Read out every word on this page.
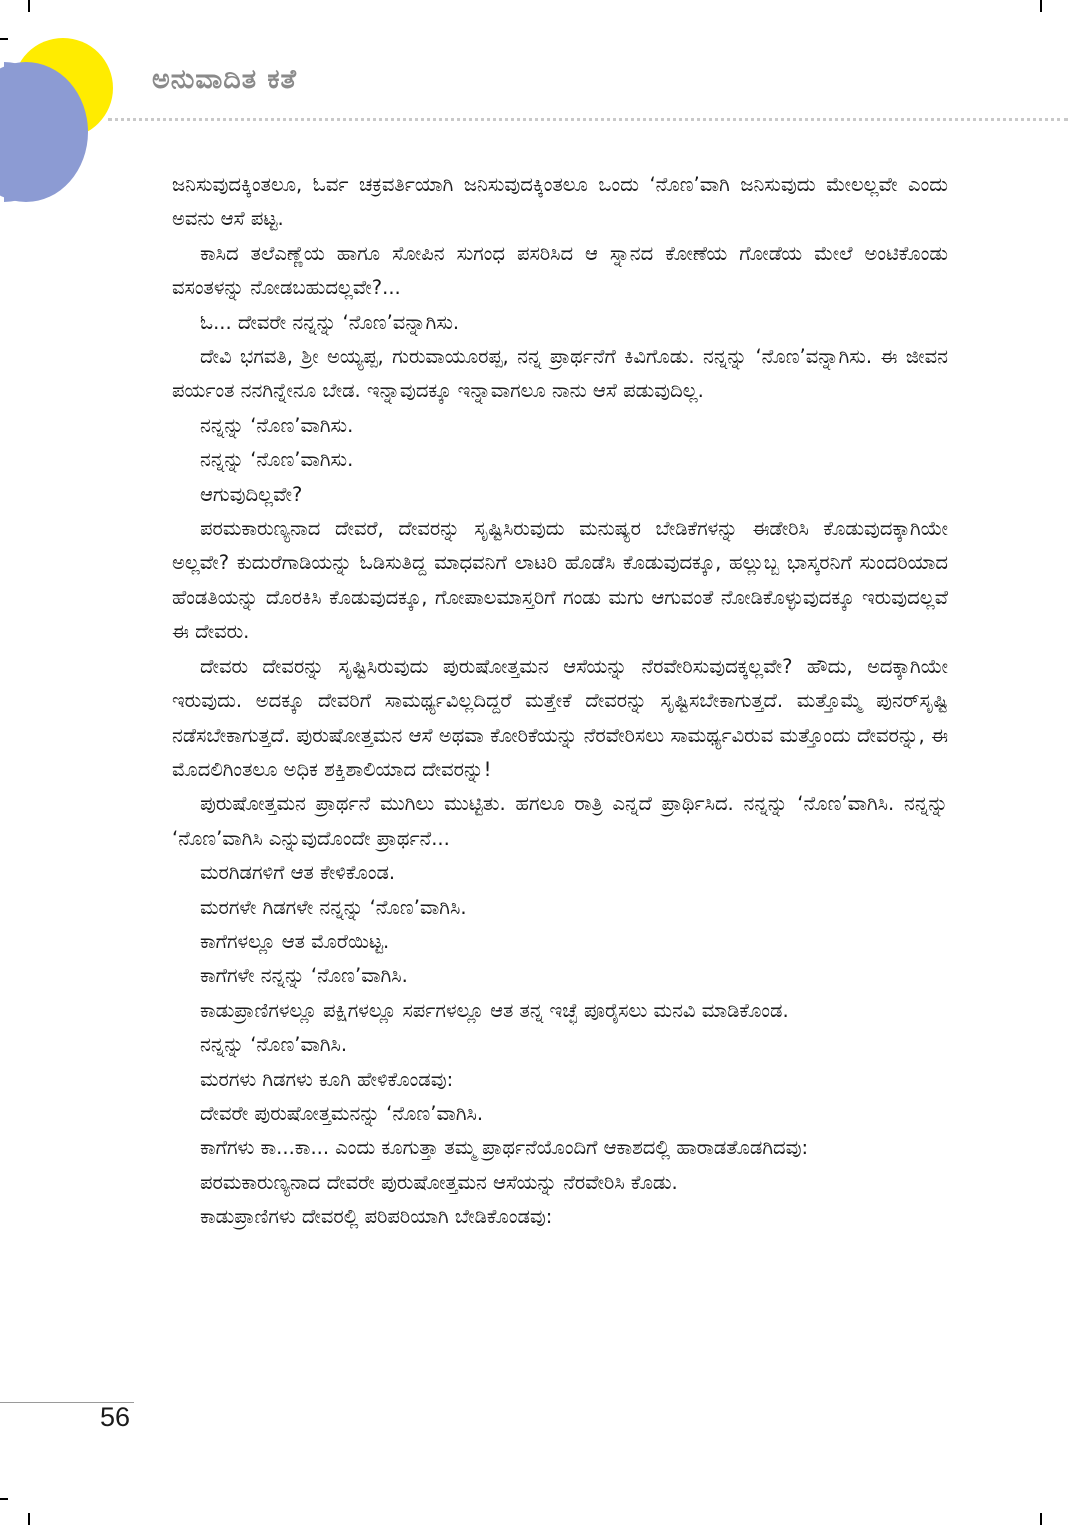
ಅನುವಾದಿತ ಕತೆ

ಜನಿಸುವುದಕ್ಕಿಂತಲೂ, ಓರ್ವ ಚಕ್ರವರ್ತಿಯಾಗಿ ಜನಿಸುವುದಕ್ಕಿಂತಲೂ ಒಂದು ‘ನೊಣ’ವಾಗಿ ಜನಿಸುವುದು ಮೇಲಲ್ಲವೇ ಎಂದು ಅವನು ಆಸೆ ಪಟ್ಟ.

ಕಾಸಿದ ತಲೆಎಣ್ಣೆಯ ಹಾಗೂ ಸೋಪಿನ ಸುಗಂಧ ಪಸರಿಸಿದ ಆ ಸ್ನಾನದ ಕೋಣೆಯ ಗೋಡೆಯ ಮೇಲೆ ಅಂಟಿಕೊಂಡು ವಸಂತಳನ್ನು ನೋಡಬಹುದಲ್ಲವೇ?...

ಓ... ದೇವರೇ ನನ್ನನ್ನು ‘ನೊಣ’ವನ್ನಾಗಿಸು.

ದೇವಿ ಭಗವತಿ, ಶ್ರೀ ಅಯ್ಯಪ್ಪ, ಗುರುವಾಯೂರಪ್ಪ, ನನ್ನ ಪ್ರಾರ್ಥನೆಗೆ ಕಿವಿಗೊಡು. ನನ್ನನ್ನು ‘ನೊಣ’ವನ್ನಾಗಿಸು. ಈ ಜೀವನ ಪರ್ಯಂತ ನನಗಿನ್ನೇನೂ ಬೇಡ. ಇನ್ನಾವುದಕ್ಕೂ ಇನ್ನಾವಾಗಲೂ ನಾನು ಆಸೆ ಪಡುವುದಿಲ್ಲ.

ನನ್ನನ್ನು ‘ನೊಣ’ವಾಗಿಸು.

ನನ್ನನ್ನು ‘ನೊಣ’ವಾಗಿಸು.

ಆಗುವುದಿಲ್ಲವೇ?

ಪರಮಕಾರುಣ್ಯನಾದ ದೇವರೆ, ದೇವರನ್ನು ಸೃಷ್ಟಿಸಿರುವುದು ಮನುಷ್ಯರ ಬೇಡಿಕೆಗಳನ್ನು ಈಡೇರಿಸಿ ಕೊಡುವುದಕ್ಕಾಗಿಯೇ ಅಲ್ಲವೇ? ಕುದುರೆಗಾಡಿಯನ್ನು ಓಡಿಸುತಿದ್ದ ಮಾಧವನಿಗೆ ಲಾಟರಿ ಹೊಡೆಸಿ ಕೊಡುವುದಕ್ಕೂ, ಹಲ್ಲುಬ್ಬ ಭಾಸ್ಕರನಿಗೆ ಸುಂದರಿಯಾದ ಹೆಂಡತಿಯನ್ನು ದೊರಕಿಸಿ ಕೊಡುವುದಕ್ಕೂ, ಗೋಪಾಲಮಾಸ್ತರಿಗೆ ಗಂಡು ಮಗು ಆಗುವಂತೆ ನೋಡಿಕೊಳ್ಳುವುದಕ್ಕೂ ಇರುವುದಲ್ಲವೆ ಈ ದೇವರು.

ದೇವರು ದೇವರನ್ನು ಸೃಷ್ಟಿಸಿರುವುದು ಪುರುಷೋತ್ತಮನ ಆಸೆಯನ್ನು ನೆರವೇರಿಸುವುದಕ್ಕಲ್ಲವೇ? ಹೌದು, ಅದಕ್ಕಾಗಿಯೇ ಇರುವುದು. ಅದಕ್ಕೂ ದೇವರಿಗೆ ಸಾಮರ್ಥ್ಯವಿಲ್ಲದಿದ್ದರೆ ಮತ್ತೇಕೆ ದೇವರನ್ನು ಸೃಷ್ಟಿಸಬೇಕಾಗುತ್ತದೆ. ಮತ್ತೊಮ್ಮೆ ಪುನರ್‌ಸೃಷ್ಟಿ ನಡೆಸಬೇಕಾಗುತ್ತದೆ. ಪುರುಷೋತ್ತಮನ ಆಸೆ ಅಥವಾ ಕೋರಿಕೆಯನ್ನು ನೆರವೇರಿಸಲು ಸಾಮರ್ಥ್ಯವಿರುವ ಮತ್ತೊಂದು ದೇವರನ್ನು, ಈ ಮೊದಲಿಗಿಂತಲೂ ಅಧಿಕ ಶಕ್ತಿಶಾಲಿಯಾದ ದೇವರನ್ನು!

ಪುರುಷೋತ್ತಮನ ಪ್ರಾರ್ಥನೆ ಮುಗಿಲು ಮುಟ್ಟಿತು. ಹಗಲೂ ರಾತ್ರಿ ಎನ್ನದೆ ಪ್ರಾರ್ಥಿಸಿದ. ನನ್ನನ್ನು ‘ನೊಣ’ವಾಗಿಸಿ. ನನ್ನನ್ನು ‘ನೊಣ’ವಾಗಿಸಿ ಎನ್ನುವುದೊಂದೇ ಪ್ರಾರ್ಥನೆ...

ಮರಗಿಡಗಳಿಗೆ ಆತ ಕೇಳಿಕೊಂಡ.

ಮರಗಳೇ ಗಿಡಗಳೇ ನನ್ನನ್ನು ‘ನೊಣ’ವಾಗಿಸಿ.

ಕಾಗೆಗಳಲ್ಲೂ ಆತ ಮೊರೆಯಿಟ್ಟ.

ಕಾಗೆಗಳೇ ನನ್ನನ್ನು ‘ನೊಣ’ವಾಗಿಸಿ.

ಕಾಡುಪ್ರಾಣಿಗಳಲ್ಲೂ ಪಕ್ಷಿಗಳಲ್ಲೂ ಸರ್ಪಗಳಲ್ಲೂ ಆತ ತನ್ನ ಇಚ್ಛೆ ಪೂರೈಸಲು ಮನವಿ ಮಾಡಿಕೊಂಡ.

ನನ್ನನ್ನು ‘ನೊಣ’ವಾಗಿಸಿ.

ಮರಗಳು ಗಿಡಗಳು ಕೂಗಿ ಹೇಳಿಕೊಂಡವು:

ದೇವರೇ ಪುರುಷೋತ್ತಮನನ್ನು ‘ನೊಣ’ವಾಗಿಸಿ.

ಕಾಗೆಗಳು ಕಾ...ಕಾ... ಎಂದು ಕೂಗುತ್ತಾ ತಮ್ಮ ಪ್ರಾರ್ಥನೆಯೊಂದಿಗೆ ಆಕಾಶದಲ್ಲಿ ಹಾರಾಡತೊಡಗಿದವು:

ಪರಮಕಾರುಣ್ಯನಾದ ದೇವರೇ ಪುರುಷೋತ್ತಮನ ಆಸೆಯನ್ನು ನೆರವೇರಿಸಿ ಕೊಡು.

ಕಾಡುಪ್ರಾಣಿಗಳು ದೇವರಲ್ಲಿ ಪರಿಪರಿಯಾಗಿ ಬೇಡಿಕೊಂಡವು:

56
